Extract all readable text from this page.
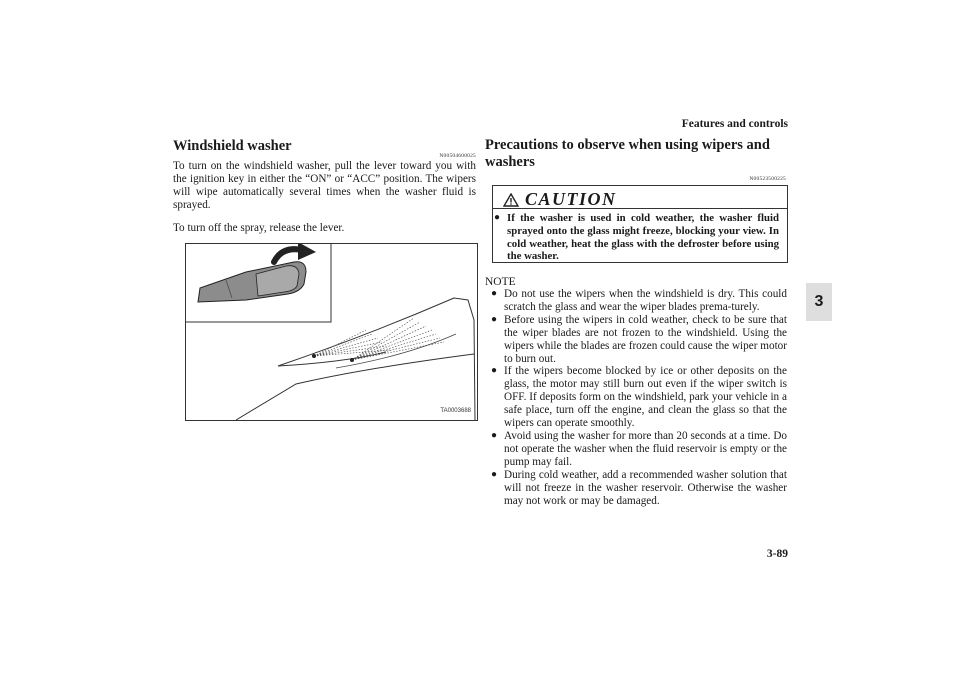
Features and controls
3
Windshield washer
N00504600025
To turn on the windshield washer, pull the lever toward you with the ignition key in either the “ON” or “ACC” position. The wipers will wipe automatically several times when the washer fluid is sprayed.
To turn off the spray, release the lever.
TA0003688
Precautions to observe when using wipers and washers
N00523500225
CAUTION
● If the washer is used in cold weather, the washer fluid sprayed onto the glass might freeze, blocking your view. In cold weather, heat the glass with the defroster before using the washer.
NOTE
● Do not use the wipers when the windshield is dry. This could scratch the glass and wear the wiper blades prema-turely.
● Before using the wipers in cold weather, check to be sure that the wiper blades are not frozen to the windshield. Using the wipers while the blades are frozen could cause the wiper motor to burn out.
● If the wipers become blocked by ice or other deposits on the glass, the motor may still burn out even if the wiper switch is OFF. If deposits form on the windshield, park your vehicle in a safe place, turn off the engine, and clean the glass so that the wipers can operate smoothly.
● Avoid using the washer for more than 20 seconds at a time. Do not operate the washer when the fluid reservoir is empty or the pump may fail.
● During cold weather, add a recommended washer solution that will not freeze in the washer reservoir. Otherwise the washer may not work or may be damaged.
3-89
